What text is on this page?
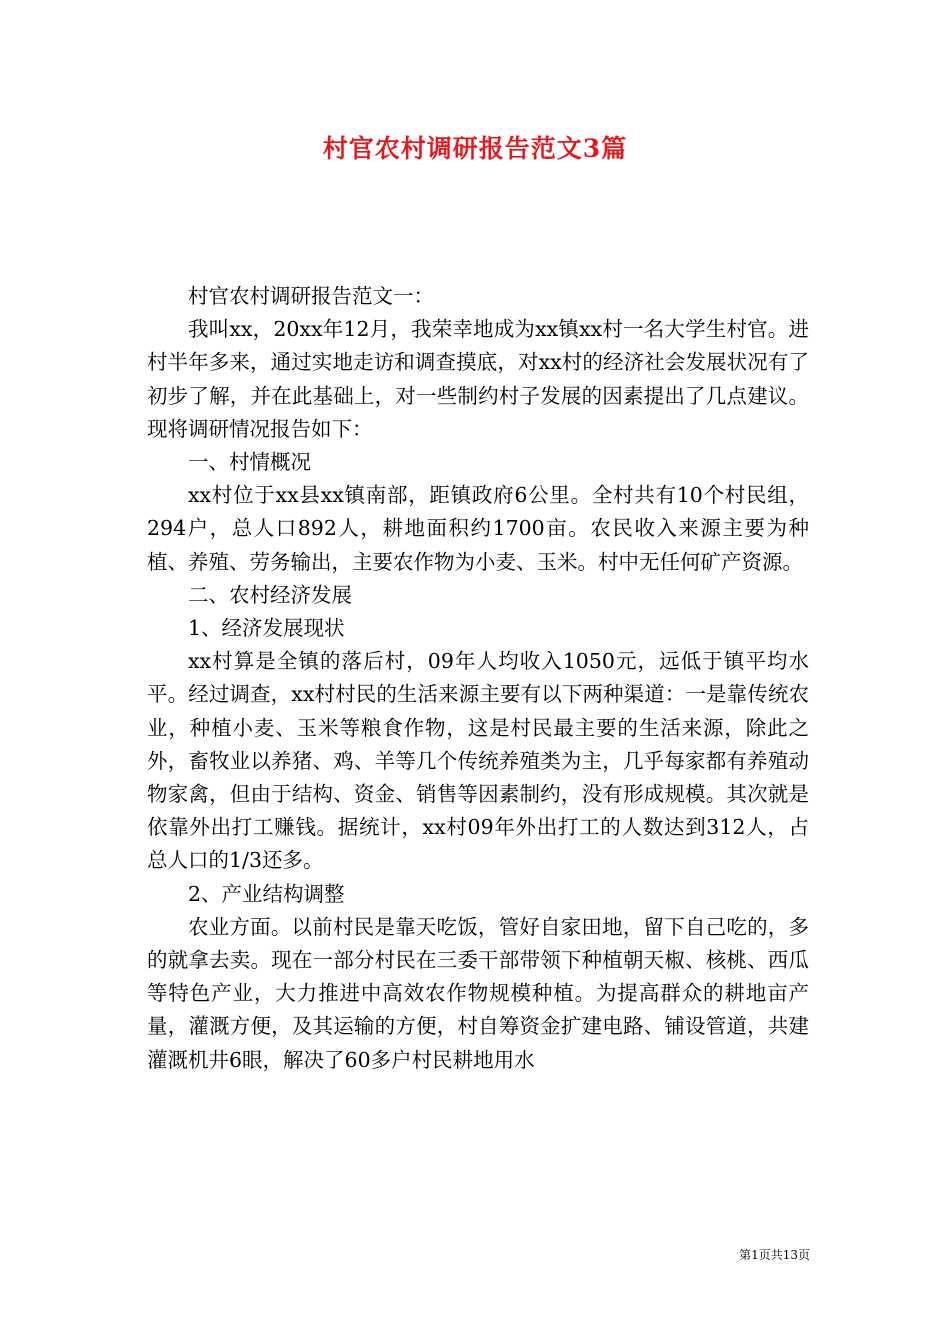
村官农村调研报告范文3篇

村官农村调研报告范文一：

我叫xx，20xx年12月，我荣幸地成为xx镇xx村一名大学生村官。进村半年多来，通过实地走访和调查摸底，对xx村的经济社会发展状况有了初步了解，并在此基础上，对一些制约村子发展的因素提出了几点建议。现将调研情况报告如下：

一、村情概况

xx村位于xx县xx镇南部，距镇政府6公里。全村共有10个村民组，294户，总人口892人，耕地面积约1700亩。农民收入来源主要为种植、养殖、劳务输出，主要农作物为小麦、玉米。村中无任何矿产资源。

二、农村经济发展

1、经济发展现状

xx村算是全镇的落后村，09年人均收入1050元，远低于镇平均水平。经过调查，xx村村民的生活来源主要有以下两种渠道：一是靠传统农业，种植小麦、玉米等粮食作物，这是村民最主要的生活来源，除此之外，畜牧业以养猪、鸡、羊等几个传统养殖类为主，几乎每家都有养殖动物家禽，但由于结构、资金、销售等因素制约，没有形成规模。其次就是依靠外出打工赚钱。据统计，xx村09年外出打工的人数达到312人，占总人口的1/3还多。

2、产业结构调整

农业方面。以前村民是靠天吃饭，管好自家田地，留下自己吃的，多的就拿去卖。现在一部分村民在三委干部带领下种植朝天椒、核桃、西瓜等特色产业，大力推进中高效农作物规模种植。为提高群众的耕地亩产量，灌溉方便，及其运输的方便，村自筹资金扩建电路、铺设管道，共建灌溉机井6眼，解决了60多户村民耕地用水

第1页共13页
